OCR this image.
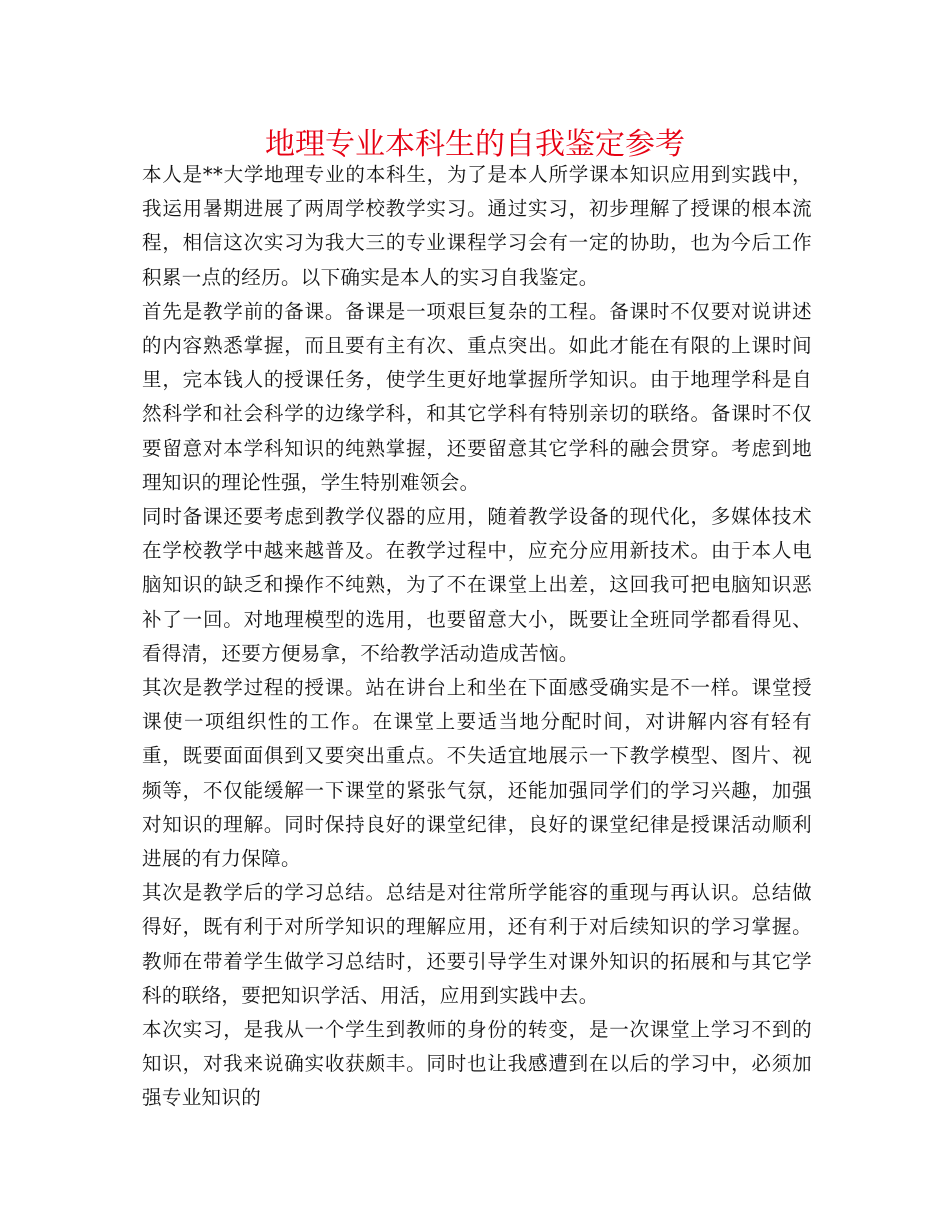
地理专业本科生的自我鉴定参考

本人是**大学地理专业的本科生，为了是本人所学课本知识应用到实践中，我运用暑期进展了两周学校教学实习。通过实习，初步理解了授课的根本流程，相信这次实习为我大三的专业课程学习会有一定的协助，也为今后工作积累一点的经历。以下确实是本人的实习自我鉴定。

首先是教学前的备课。备课是一项艰巨复杂的工程。备课时不仅要对说讲述的内容熟悉掌握，而且要有主有次、重点突出。如此才能在有限的上课时间里，完本钱人的授课任务，使学生更好地掌握所学知识。由于地理学科是自然科学和社会科学的边缘学科，和其它学科有特别亲切的联络。备课时不仅要留意对本学科知识的纯熟掌握，还要留意其它学科的融会贯穿。考虑到地理知识的理论性强，学生特别难领会。

同时备课还要考虑到教学仪器的应用，随着教学设备的现代化，多媒体技术在学校教学中越来越普及。在教学过程中，应充分应用新技术。由于本人电脑知识的缺乏和操作不纯熟，为了不在课堂上出差，这回我可把电脑知识恶补了一回。对地理模型的选用，也要留意大小，既要让全班同学都看得见、看得清，还要方便易拿，不给教学活动造成苦恼。

其次是教学过程的授课。站在讲台上和坐在下面感受确实是不一样。课堂授课使一项组织性的工作。在课堂上要适当地分配时间，对讲解内容有轻有重，既要面面俱到又要突出重点。不失适宜地展示一下教学模型、图片、视频等，不仅能缓解一下课堂的紧张气氛，还能加强同学们的学习兴趣，加强对知识的理解。同时保持良好的课堂纪律，良好的课堂纪律是授课活动顺利进展的有力保障。

其次是教学后的学习总结。总结是对往常所学能容的重现与再认识。总结做得好，既有利于对所学知识的理解应用，还有利于对后续知识的学习掌握。教师在带着学生做学习总结时，还要引导学生对课外知识的拓展和与其它学科的联络，要把知识学活、用活，应用到实践中去。

本次实习，是我从一个学生到教师的身份的转变，是一次课堂上学习不到的知识，对我来说确实收获颇丰。同时也让我感遭到在以后的学习中，必须加强专业知识的
